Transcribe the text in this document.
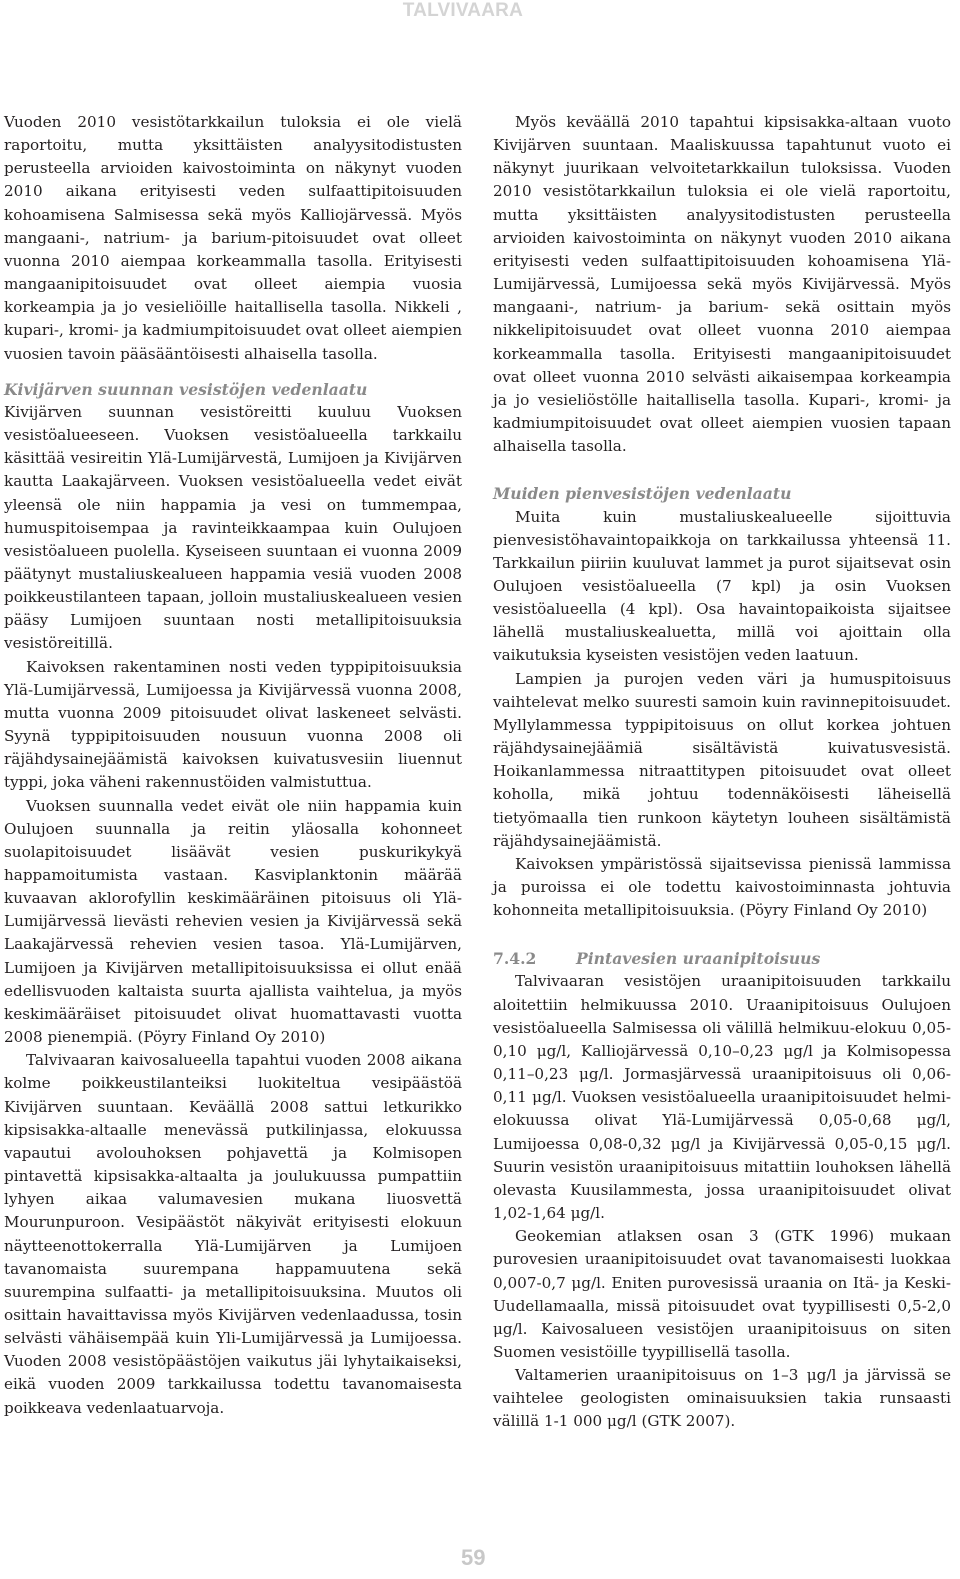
TALVIVAARA

Vuoden 2010 vesistötarkkailun tuloksia ei ole vielä raportoitu, mutta yksittäisten analyysitodistusten perusteella arvioiden kaivostoiminta on näkynyt vuoden 2010 aikana erityisesti veden sulfaattipitoisuuden kohoamisena Salmisessa sekä myös Kalliojärvessä. Myös mangaani-, natrium- ja barium-pitoisuudet ovat olleet vuonna 2010 aiempaa korkeammalla tasolla. Erityisesti mangaanipitoisuudet ovat olleet aiempia vuosia korkeampia ja jo vesieliöille haitallisella tasolla. Nikkeli , kupari-, kromi- ja kadmiumpitoisuudet ovat olleet aiempien vuosien tavoin pääsääntöisesti alhaisella tasolla.

Kivijärven suunnan vesistöjen vedenlaatu

Kivijärven suunnan vesistöreitti kuuluu Vuoksen vesistöalueeseen. Vuoksen vesistöalueella tarkkailu käsittää vesireitin Ylä-Lumijärvestä, Lumijoen ja Kivijärven kautta Laakajärveen. Vuoksen vesistöalueella vedet eivät yleensä ole niin happamia ja vesi on tummempaa, humuspitoisempaa ja ravinteikkaampaa kuin Oulujoen vesistöalueen puolella. Kyseiseen suuntaan ei vuonna 2009 päätynyt mustaliuskealueen happamia vesiä vuoden 2008 poikkeustilanteen tapaan, jolloin mustaliuskealueen vesien pääsy Lumijoen suuntaan nosti metallipitoisuuksia vesistöreitillä.

Kaivoksen rakentaminen nosti veden typpipitoisuuksia Ylä-Lumijärvessä, Lumijoessa ja Kivijärvessä vuonna 2008, mutta vuonna 2009 pitoisuudet olivat laskeneet selvästi. Syynä typpipitoisuuden nousuun vuonna 2008 oli räjähdysainejäämistä kaivoksen kuivatusvesiin liuennut typpi, joka väheni rakennustöiden valmistuttua.

Vuoksen suunnalla vedet eivät ole niin happamia kuin Oulujoen suunnalla ja reitin yläosalla kohonneet suolapitoisuudet lisäävät vesien puskurikykyä happamoitumista vastaan. Kasviplanktonin määrää kuvaavan aklorofyllin keskimääräinen pitoisuus oli Ylä-Lumijärvessä lievästi rehevien vesien ja Kivijärvessä sekä Laakajärvessä rehevien vesien tasoa. Ylä-Lumijärven, Lumijoen ja Kivijärven metallipitoisuuksissa ei ollut enää edellisvuoden kaltaista suurta ajallista vaihtelua, ja myös keskimääräiset pitoisuudet olivat huomattavasti vuotta 2008 pienempiä. (Pöyry Finland Oy 2010)

Talvivaaran kaivosalueella tapahtui vuoden 2008 aikana kolme poikkeustilanteiksi luokiteltua vesipäästöä Kivijärven suuntaan. Keväällä 2008 sattui letkurikko kipsisakka-altaalle menevässä putkilinjassa, elokuussa vapautui avolouhoksen pohjavettä ja Kolmisopen pintavettä kipsisakka-altaalta ja joulukuussa pumpattiin lyhyen aikaa valumavesien mukana liuosvettä Mourunpuroon. Vesipäästöt näkyivät erityisesti elokuun näytteenottokerralla Ylä-Lumijärven ja Lumijoen tavanomaista suurempana happamuutena sekä suurempina sulfaatti- ja metallipitoisuuksina. Muutos oli osittain havaittavissa myös Kivijärven vedenlaadussa, tosin selvästi vähäisempää kuin Yli-Lumijärvessä ja Lumijoessa. Vuoden 2008 vesistöpäästöjen vaikutus jäi lyhytaikaiseksi, eikä vuoden 2009 tarkkailussa todettu tavanomaisesta poikkeava vedenlaatuarvoja.

Myös keväällä 2010 tapahtui kipsisakka-altaan vuoto Kivijärven suuntaan. Maaliskuussa tapahtunut vuoto ei näkynyt juurikaan velvoitetarkkailun tuloksissa. Vuoden 2010 vesistötarkkailun tuloksia ei ole vielä raportoitu, mutta yksittäisten analyysitodistusten perusteella arvioiden kaivostoiminta on näkynyt vuoden 2010 aikana erityisesti veden sulfaattipitoisuuden kohoamisena Ylä-Lumijärvessä, Lumijoessa sekä myös Kivijärvessä. Myös mangaani-, natrium- ja barium- sekä osittain myös nikkelipitoisuudet ovat olleet vuonna 2010 aiempaa korkeammalla tasolla. Erityisesti mangaanipitoisuudet ovat olleet vuonna 2010 selvästi aikaisempaa korkeampia ja jo vesieliöstölle haitallisella tasolla. Kupari-, kromi- ja kadmiumpitoisuudet ovat olleet aiempien vuosien tapaan alhaisella tasolla.

Muiden pienvesistöjen vedenlaatu

Muita kuin mustaliuskealueelle sijoittuvia pienvesistöhavaintopaikkoja on tarkkailussa yhteensä 11. Tarkkailun piiriin kuuluvat lammet ja purot sijaitsevat osin Oulujoen vesistöalueella (7 kpl) ja osin Vuoksen vesistöalueella (4 kpl). Osa havaintopaikoista sijaitsee lähellä mustaliuskealuetta, millä voi ajoittain olla vaikutuksia kyseisten vesistöjen veden laatuun.

Lampien ja purojen veden väri ja humuspitoisuus vaihtelevat melko suuresti samoin kuin ravinnepitoisuudet. Myllylammessa typpipitoisuus on ollut korkea johtuen räjähdysainejäämiä sisältävistä kuivatusvesistä. Hoikanlammessa nitraattitypen pitoisuudet ovat olleet koholla, mikä johtuu todennäköisesti läheisellä tietyömaalla tien runkoon käytetyn louheen sisältämistä räjähdysainejäämistä.

Kaivoksen ympäristössä sijaitsevissa pienissä lammissa ja puroissa ei ole todettu kaivostoiminnasta johtuvia kohonneita metallipitoisuuksia. (Pöyry Finland Oy 2010)

7.4.2	Pintavesien uraanipitoisuus

Talvivaaran vesistöjen uraanipitoisuuden tarkkailu aloitettiin helmikuussa 2010. Uraanipitoisuus Oulujoen vesistöalueella Salmisessa oli välillä helmikuu-elokuu 0,05-0,10 μg/l, Kalliojärvessä 0,10–0,23 μg/l ja Kolmisopessa 0,11–0,23 μg/l. Jormasjärvessä uraanipitoisuus oli 0,06-0,11 μg/l. Vuoksen vesistöalueella uraanipitoisuudet helmi-elokuussa olivat Ylä-Lumijärvessä 0,05-0,68 μg/l, Lumijoessa 0,08-0,32 μg/l ja Kivijärvessä 0,05-0,15 μg/l. Suurin vesistön uraanipitoisuus mitattiin louhoksen lähellä olevasta Kuusilammesta, jossa uraanipitoisuudet olivat 1,02-1,64 μg/l.

Geokemian atlaksen osan 3 (GTK 1996) mukaan purovesien uraanipitoisuudet ovat tavanomaisesti luokkaa 0,007-0,7 μg/l. Eniten purovesissä uraania on Itä- ja Keski-Uudellamaalla, missä pitoisuudet ovat tyypillisesti 0,5-2,0 μg/l. Kaivosalueen vesistöjen uraanipitoisuus on siten Suomen vesistöille tyypillisellä tasolla.

Valtamerien uraanipitoisuus on 1–3 μg/l ja järvissä se vaihtelee geologisten ominaisuuksien takia runsaasti välillä 1-1 000 μg/l (GTK 2007).

59
